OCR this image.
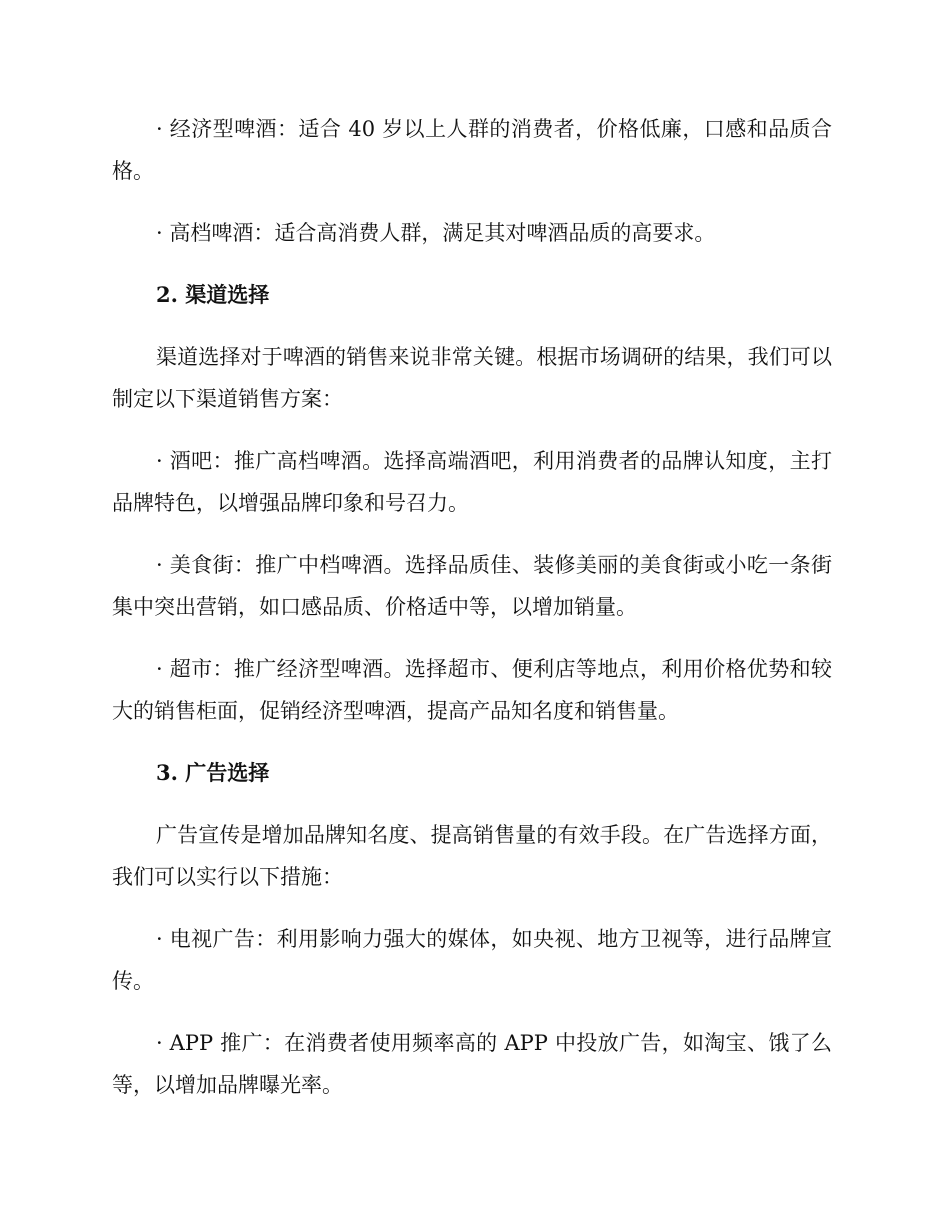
· 经济型啤酒：适合 40 岁以上人群的消费者，价格低廉，口感和品质合格。

· 高档啤酒：适合高消费人群，满足其对啤酒品质的高要求。

2. 渠道选择

渠道选择对于啤酒的销售来说非常关键。根据市场调研的结果，我们可以制定以下渠道销售方案：

· 酒吧：推广高档啤酒。选择高端酒吧，利用消费者的品牌认知度，主打品牌特色，以增强品牌印象和号召力。

· 美食街：推广中档啤酒。选择品质佳、装修美丽的美食街或小吃一条街集中突出营销，如口感品质、价格适中等，以增加销量。

· 超市：推广经济型啤酒。选择超市、便利店等地点，利用价格优势和较大的销售柜面，促销经济型啤酒，提高产品知名度和销售量。

3. 广告选择

广告宣传是增加品牌知名度、提高销售量的有效手段。在广告选择方面，我们可以实行以下措施：

· 电视广告：利用影响力强大的媒体，如央视、地方卫视等，进行品牌宣传。

· APP 推广：在消费者使用频率高的 APP 中投放广告，如淘宝、饿了么等，以增加品牌曝光率。
